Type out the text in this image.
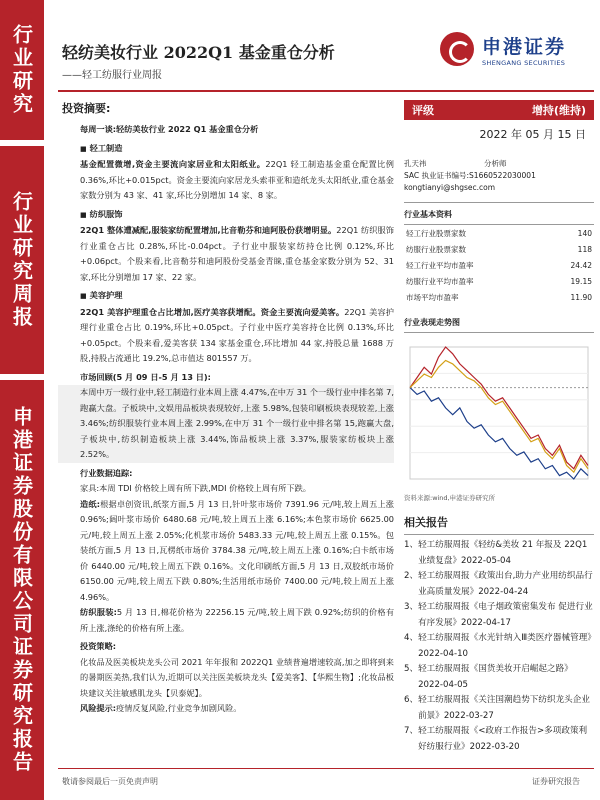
行业研究
行业研究周报
申港证券股份有限公司证券研究报告
轻纺美妆行业 2022Q1 基金重仓分析
——轻工纺服行业周报
申港证券
SHENGANG SECURITIES
投资摘要:
每周一谈:轻纺美妆行业 2022 Q1 基金重仓分析
■ 轻工制造
基金配置微增,资金主要流向家居业和太阳纸业。22Q1 轻工制造基金重仓配置比例 0.36%,环比+0.015pct。资金主要流向家居龙头索菲亚和造纸龙头太阳纸业,重仓基金家数分别为 43 家、41 家,环比分别增加 14 家、8 家。
■ 纺织服饰
22Q1 整体遭减配,服装家纺配置增加,比音勒芬和迪阿股份获增明显。22Q1 纺织服饰行业重仓占比 0.28%,环比-0.04pct。子行业中服装家纺持仓比例 0.12%,环比+0.06pct。个股来看,比音勒芬和迪阿股份受基金青睐,重仓基金家数分别为 52、31 家,环比分别增加 17 家、22 家。
■ 美容护理
22Q1 美容护理重仓占比增加,医疗美容获增配。资金主要流向爱美客。22Q1 美容护理行业重仓占比 0.19%,环比+0.05pct。子行业中医疗美容持仓比例 0.13%,环比+0.05pct。个股来看,爱美客获 134 家基金重仓,环比增加 44 家,持股总量 1688 万股,持股占流通比 19.2%,总市值达 801557 万。
市场回顾(5 月 09 日-5 月 13 日):
本周中万一级行业中,轻工制造行业本周上涨 4.47%,在中万 31 个一级行业中排名第 7,跑赢大盘。子板块中,文娱用品板块表现较好,上涨 5.98%,包装印刷板块表现较差,上涨 3.46%;纺织服装行业本周上涨 2.99%,在中万 31 个一级行业中排名第 15,跑赢大盘,子板块中,纺织制造板块上涨 3.44%,饰品板块上涨 3.37%,服装家纺板块上涨 2.52%。
行业数据追踪:
家具:本周 TDI 价格较上周有所下跌,MDI 价格较上周有所下跌。
造纸:根据卓创资讯,纸浆方面,5 月 13 日,针叶浆市场价 7391.96 元/吨,较上周五上涨 0.96%;阔叶浆市场价 6480.68 元/吨,较上周五上涨 6.16%;本色浆市场价 6625.00 元/吨,较上周五上涨 2.05%;化机浆市场价 5483.33 元/吨,较上周五上涨 0.15%。包装纸方面,5 月 13 日,瓦楞纸市场价 3784.38 元/吨,较上周五上涨 0.16%;白卡纸市场价 6440.00 元/吨,较上周五下跌 0.16%。文化印刷纸方面,5 月 13 日,双胶纸市场价 6150.00 元/吨,较上周五下跌 0.80%;生活用纸市场价 7400.00 元/吨,较上周五上涨 4.96%。
纺织服装:5 月 13 日,棉花价格为 22256.15 元/吨,较上周下跌 0.92%;纺织的价格有所上涨,涤纶的价格有所上涨。
投资策略:
化妆品及医美板块龙头公司 2021 年年报和 2022Q1 业绩普遍增速较高,加之即将到来的暑期医美热,我们认为,近期可以关注医美板块龙头【爱美客】、【华熙生物】;化妆品板块建议关注敏感肌龙头【贝泰妮】。
风险提示:疫情反复风险,行业竞争加剧风险。
评级	增持(维持)
2022 年 05 月 15 日
孔天祎	分析师
SAC 执业证书编号: S1660522030001
kongtianyi@shgsec.com
行业基本资料
轻工行业股票家数	140
纺服行业股票家数	118
轻工行业平均市盈率	24.42
纺服行业平均市盈率	19.15
市场平均市盈率	11.90
行业表现走势图
资料来源:wind,申港证券研究所
相关报告
1、 轻工纺服周报《轻纺&美妆 21 年报及 22Q1 业绩复盘》2022-05-04
2、 轻工纺服周报《政策出台,助力产业用纺织品行业高质量发展》2022-04-24
3、 轻工纺服周报《电子烟政策密集发布 促进行业有序发展》2022-04-17
4、 轻工纺服周报《水光针纳入Ⅲ类医疗器械管理》2022-04-10
5、 轻工纺服周报《国货美妆开启崛起之路》2022-04-05
6、 轻工纺服周报《关注国潮趋势下纺织龙头企业前景》2022-03-27
7、 轻工纺服周报《<政府工作报告>多项政策利好纺服行业》2022-03-20
敬请参阅最后一页免责声明	证券研究报告
